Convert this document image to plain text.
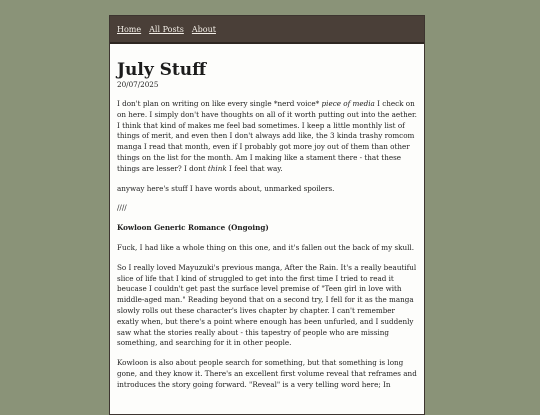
Home All Posts About
July Stuff
20/07/2025

I don't plan on writing on like every single *nerd voice* piece of media I check on on here. I simply don't have thoughts on all of it worth putting out into the aether. I think that kind of makes me feel bad sometimes. I keep a little monthly list of things of merit, and even then I don't always add like, the 3 kinda trashy romcom manga I read that month, even if I probably got more joy out of them than other things on the list for the month. Am I making like a stament there - that these things are lesser? I dont think I feel that way.

anyway here's stuff I have words about, unmarked spoilers.

////

Kowloon Generic Romance (Ongoing)

Fuck, I had like a whole thing on this one, and it's fallen out the back of my skull.

So I really loved Mayuzuki's previous manga, After the Rain. It's a really beautiful slice of life that I kind of struggled to get into the first time I tried to read it beucase I couldn't get past the surface level premise of "Teen girl in love with middle-aged man." Reading beyond that on a second try, I fell for it as the manga slowly rolls out these character's lives chapter by chapter. I can't remember exatly when, but there's a point where enough has been unfurled, and I suddenly saw what the stories really about - this tapestry of people who are missing something, and searching for it in other people.

Kowloon is also about people search for something, but that something is long gone, and they know it. There's an excellent first volume reveal that reframes and introduces the story going forward. "Reveal" is a very telling word here; In
